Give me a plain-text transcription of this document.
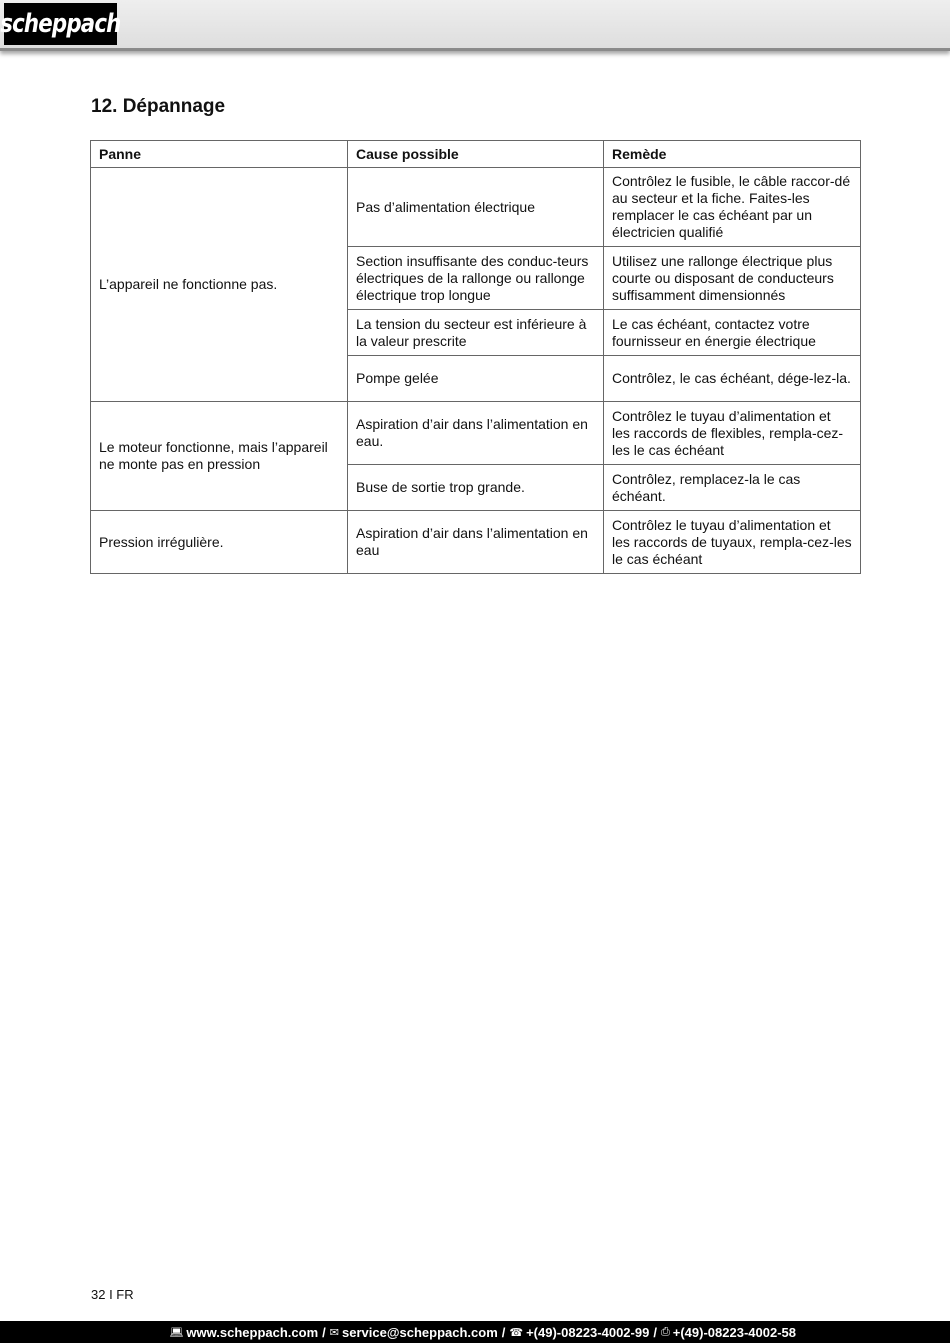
scheppach
12. Dépannage
Panne	Cause possible	Remède
L’appareil ne fonctionne pas.	Pas d’alimentation électrique	Contrôlez le fusible, le câble raccor-dé au secteur et la fiche. Faites-les remplacer le cas échéant par un électricien qualifié
	Section insuffisante des conduc-teurs électriques de la rallonge ou rallonge électrique trop longue	Utilisez une rallonge électrique plus courte ou disposant de conducteurs suffisamment dimensionnés
	La tension du secteur est inférieure à la valeur prescrite	Le cas échéant, contactez votre fournisseur en énergie électrique
	Pompe gelée	Contrôlez, le cas échéant, dége-lez-la.
Le moteur fonctionne, mais l’appareil ne monte pas en pression	Aspiration d’air dans l’alimentation en eau.	Contrôlez le tuyau d’alimentation et les raccords de flexibles, rempla-cez-les le cas échéant
	Buse de sortie trop grande.	Contrôlez, remplacez-la le cas échéant.
Pression irrégulière.	Aspiration d’air dans l’alimentation en eau	Contrôlez le tuyau d’alimentation et les raccords de tuyaux, rempla-cez-les le cas échéant
32 I FR
💻︎ www.scheppach.com / ✉ service@scheppach.com / ☎ +(49)-08223-4002-99 / ⎙ +(49)-08223-4002-58
